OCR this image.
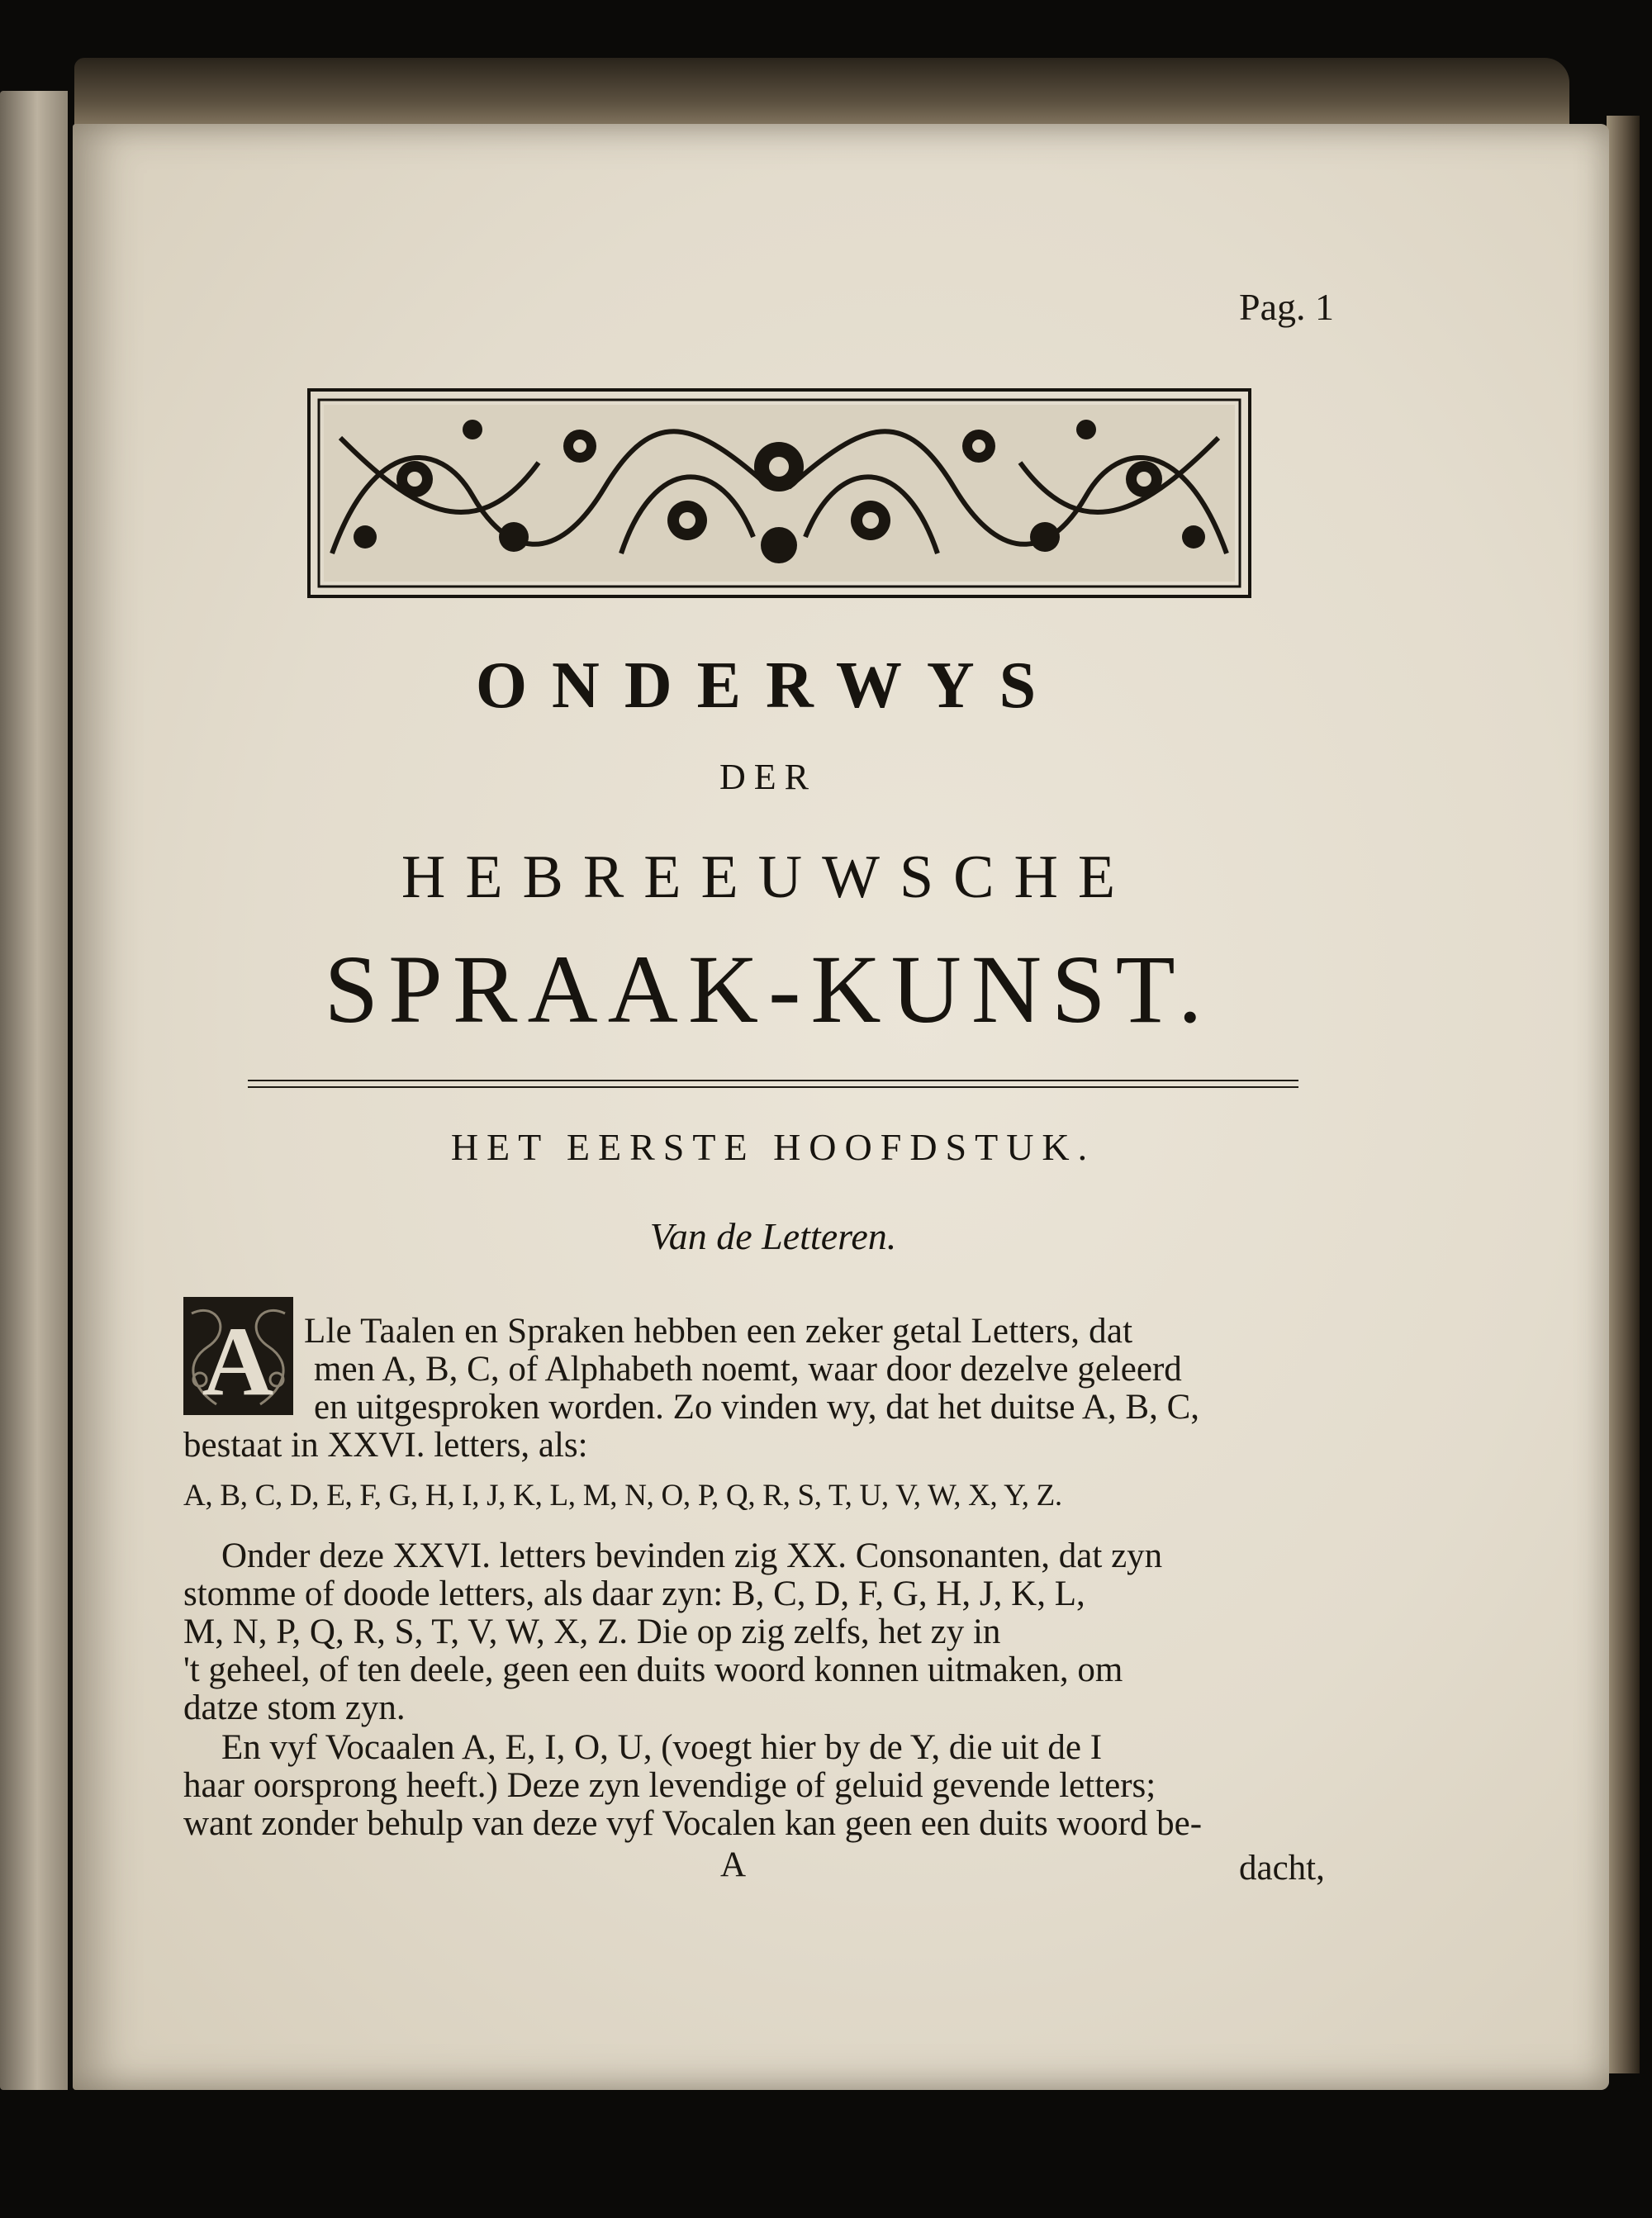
Pag. 1
ONDERWYS
DER
HEBREEUWSCHE
SPRAAK-KUNST.
HET EERSTE HOOFDSTUK.
Van de Letteren.
A Lle Taalen en Spraken hebben een zeker getal Letters, dat
men A, B, C, of Alphabeth noemt, waar door dezelve geleerd
en uitgesproken worden. Zo vinden wy, dat het duitse A, B, C,
bestaat in XXVI. letters, als:
A, B, C, D, E, F, G, H, I, J, K, L, M, N, O, P, Q, R, S, T, U, V, W, X, Y, Z.
Onder deze XXVI. letters bevinden zig XX. Consonanten, dat zyn
stomme of doode letters, als daar zyn: B, C, D, F, G, H, J, K, L,
M, N, P, Q, R, S, T, V, W, X, Z. Die op zig zelfs, het zy in
't geheel, of ten deele, geen een duits woord konnen uitmaken, om
datze stom zyn.
En vyf Vocaalen A, E, I, O, U, (voegt hier by de Y, die uit de I
haar oorsprong heeft.) Deze zyn levendige of geluid gevende letters;
want zonder behulp van deze vyf Vocalen kan geen een duits woord be-
A	dacht,
